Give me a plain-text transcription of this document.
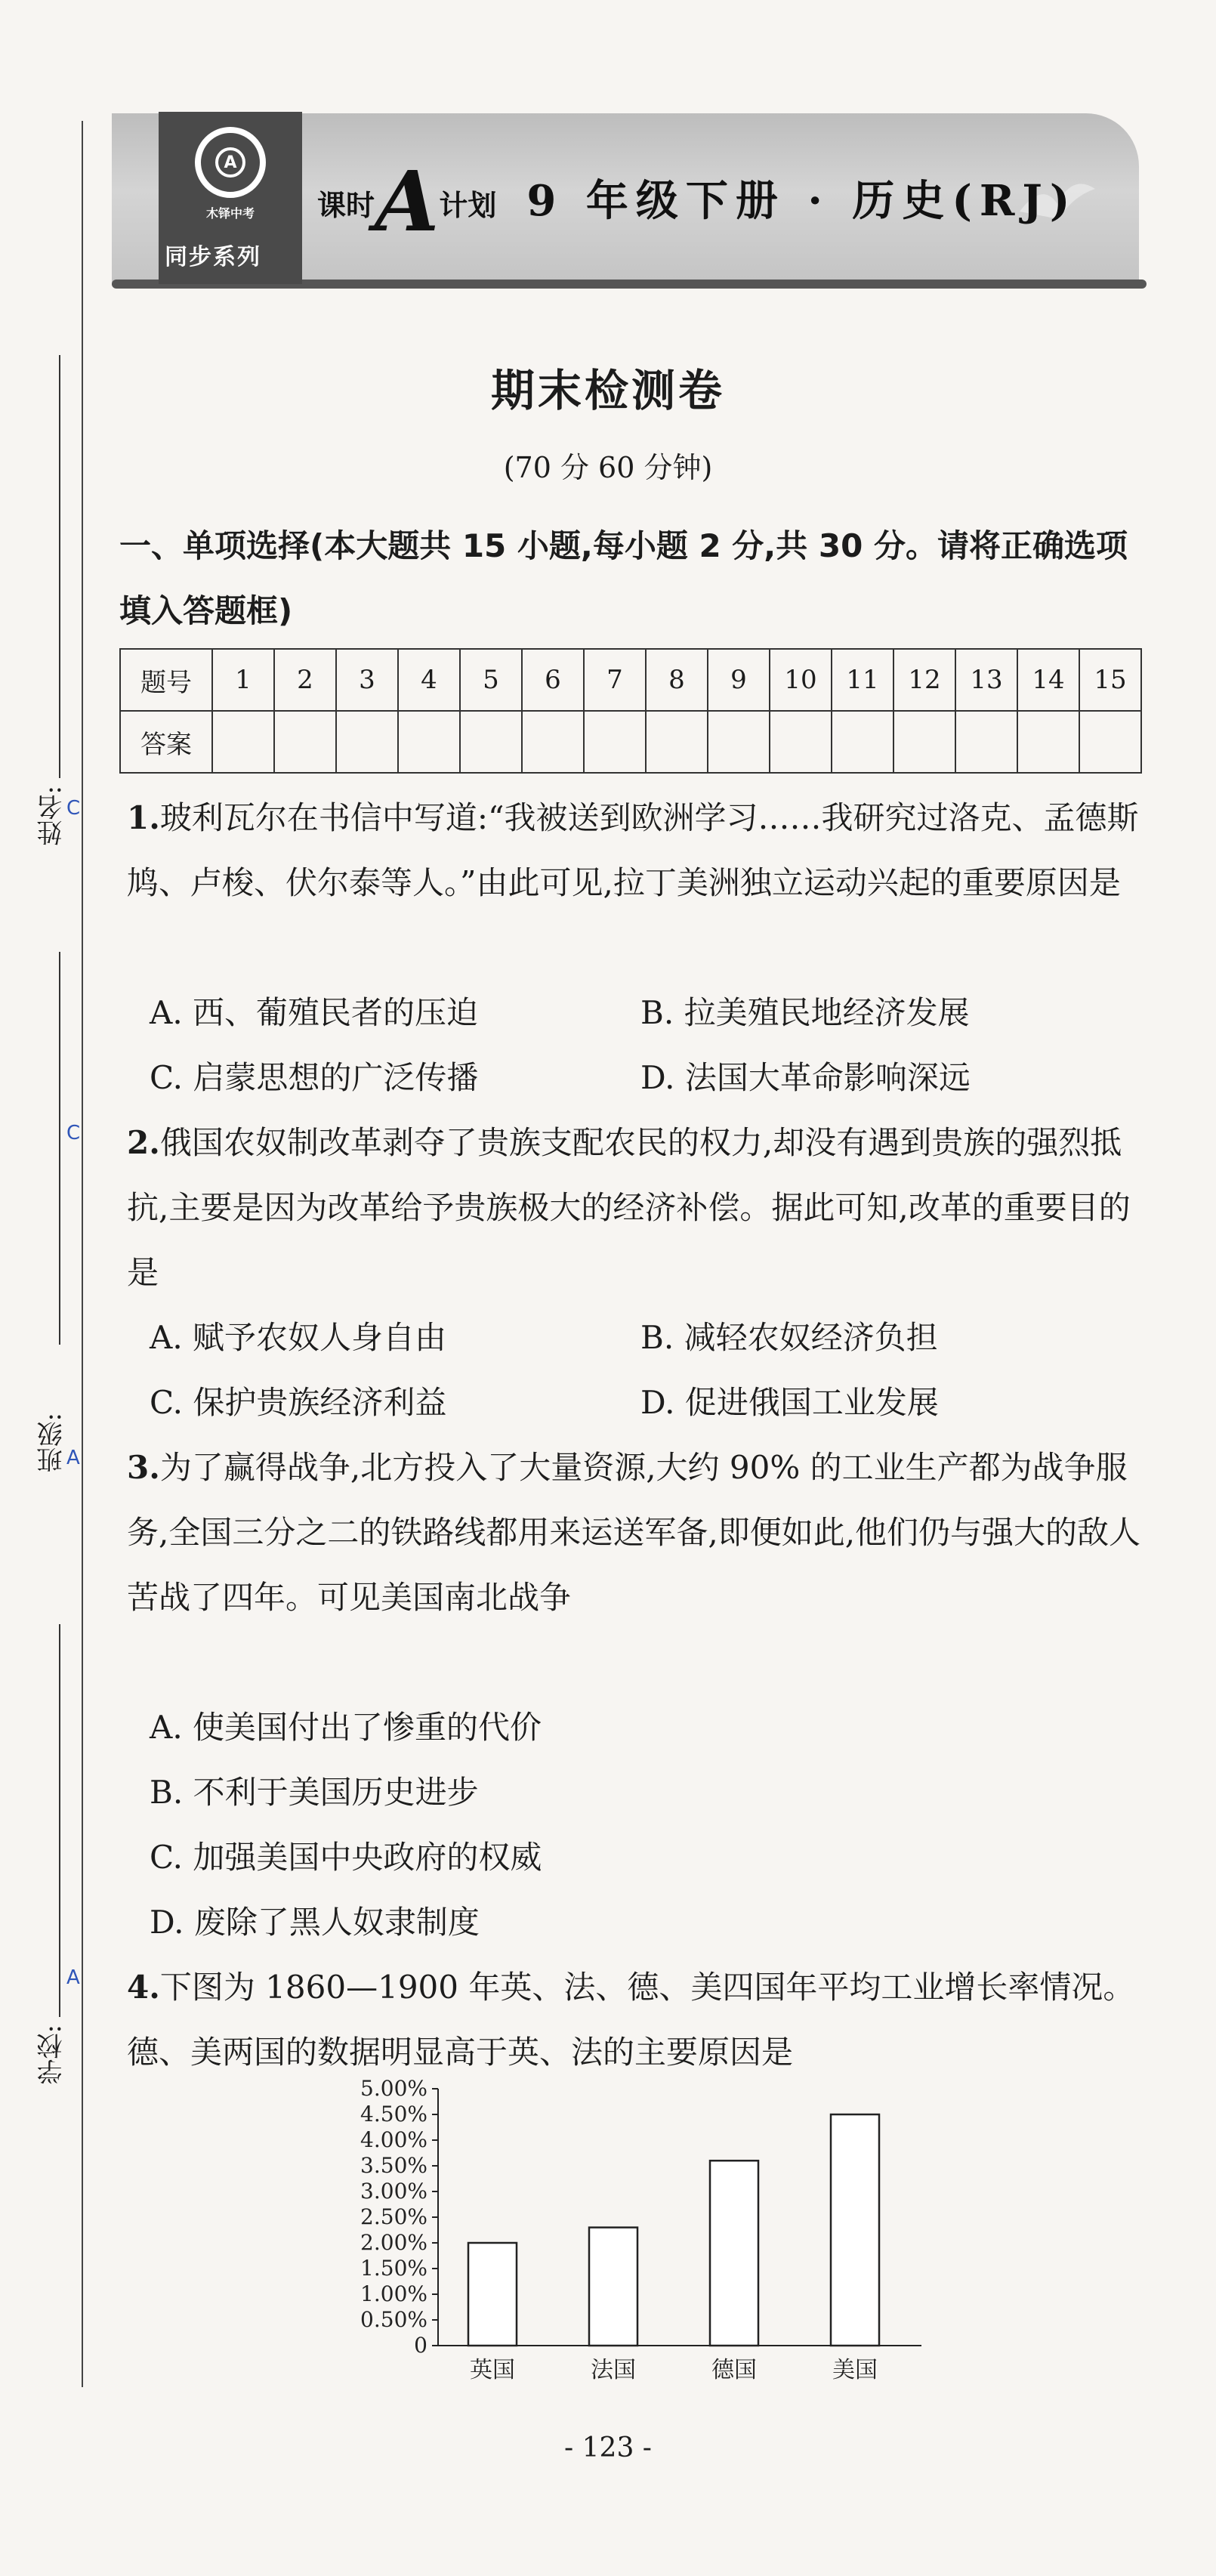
姓名:
班级:
学校:
A
木铎中考
同步系列
课时A计划 9 年级下册 · 历史(RJ)
期末检测卷
(70 分 60 分钟)
一、单项选择(本大题共 15 小题,每小题 2 分,共 30 分。请将正确选项填入答题框)
题号	1	2	3	4	5	6	7	8	9	10	11	12	13	14	15
答案															
C 1.玻利瓦尔在书信中写道:“我被送到欧洲学习……我研究过洛克、孟德斯鸠、卢梭、伏尔泰等人。”由此可见,拉丁美洲独立运动兴起的重要原因是
A. 西、葡殖民者的压迫	B. 拉美殖民地经济发展
C. 启蒙思想的广泛传播	D. 法国大革命影响深远
C 2.俄国农奴制改革剥夺了贵族支配农民的权力,却没有遇到贵族的强烈抵抗,主要是因为改革给予贵族极大的经济补偿。据此可知,改革的重要目的是
A. 赋予农奴人身自由	B. 减轻农奴经济负担
C. 保护贵族经济利益	D. 促进俄国工业发展
A 3.为了赢得战争,北方投入了大量资源,大约 90% 的工业生产都为战争服务,全国三分之二的铁路线都用来运送军备,即便如此,他们仍与强大的敌人苦战了四年。可见美国南北战争
A. 使美国付出了惨重的代价
B. 不利于美国历史进步
C. 加强美国中央政府的权威
D. 废除了黑人奴隶制度
A 4.下图为 1860—1900 年英、法、德、美四国年平均工业增长率情况。德、美两国的数据明显高于英、法的主要原因是
0
0.50%
1.00%
1.50%
2.00%
2.50%
3.00%
3.50%
4.00%
4.50%
5.00%
英国	法国	德国	美国
- 123 -
